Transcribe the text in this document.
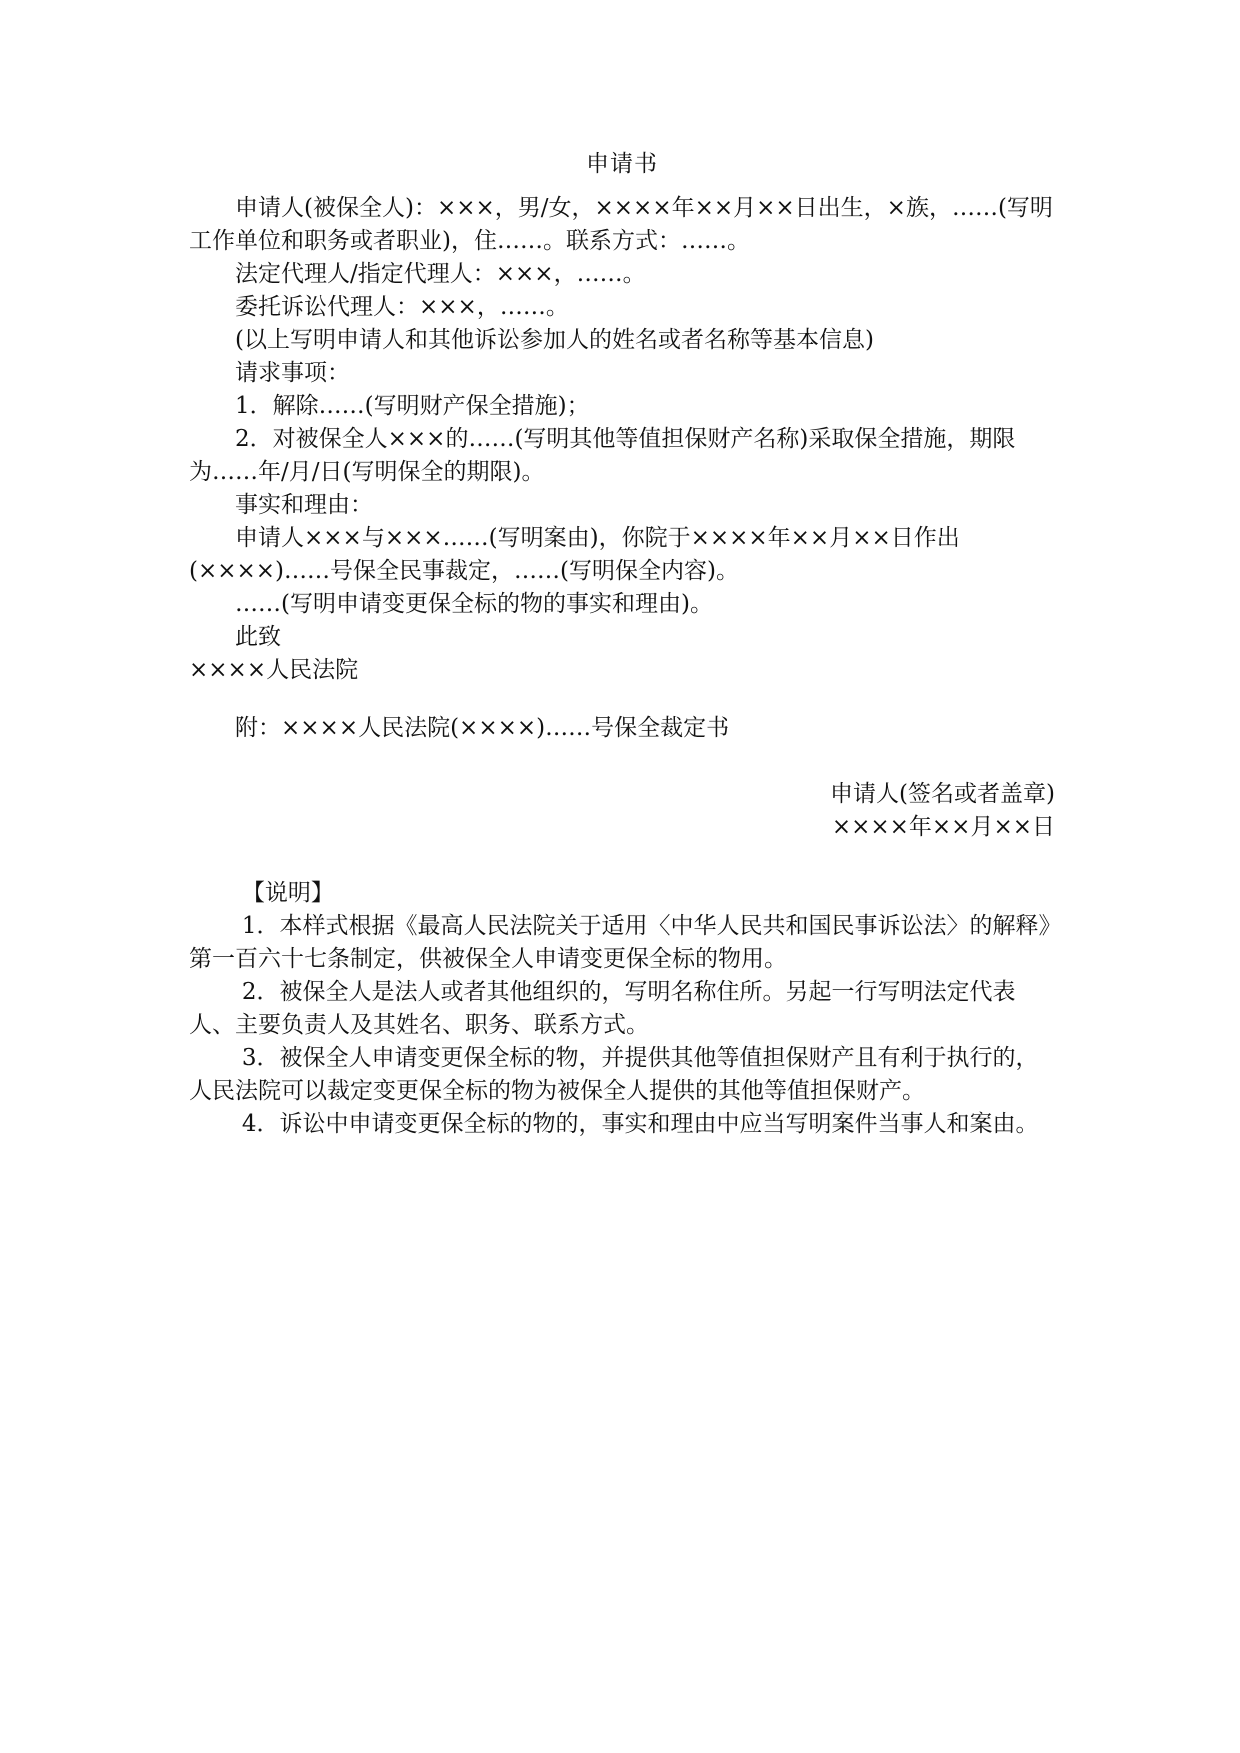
申请书

申请人(被保全人)：×××，男/女，××××年××月××日出生，×族，……(写明工作单位和职务或者职业)，住……。联系方式：……。

法定代理人/指定代理人：×××，……。

委托诉讼代理人：×××，……。

(以上写明申请人和其他诉讼参加人的姓名或者名称等基本信息)

请求事项：

1．解除……(写明财产保全措施)；

2．对被保全人×××的……(写明其他等值担保财产名称)采取保全措施，期限为……年/月/日(写明保全的期限)。

事实和理由：

申请人×××与×××……(写明案由)，你院于××××年××月××日作出(××××)……号保全民事裁定，……(写明保全内容)。

……(写明申请变更保全标的物的事实和理由)。

此致

××××人民法院

附：××××人民法院(××××)……号保全裁定书

申请人(签名或者盖章)

××××年××月××日

【说明】

1．本样式根据《最高人民法院关于适用〈中华人民共和国民事诉讼法〉的解释》第一百六十七条制定，供被保全人申请变更保全标的物用。

2．被保全人是法人或者其他组织的，写明名称住所。另起一行写明法定代表人、主要负责人及其姓名、职务、联系方式。

3．被保全人申请变更保全标的物，并提供其他等值担保财产且有利于执行的，人民法院可以裁定变更保全标的物为被保全人提供的其他等值担保财产。

4．诉讼中申请变更保全标的物的，事实和理由中应当写明案件当事人和案由。
